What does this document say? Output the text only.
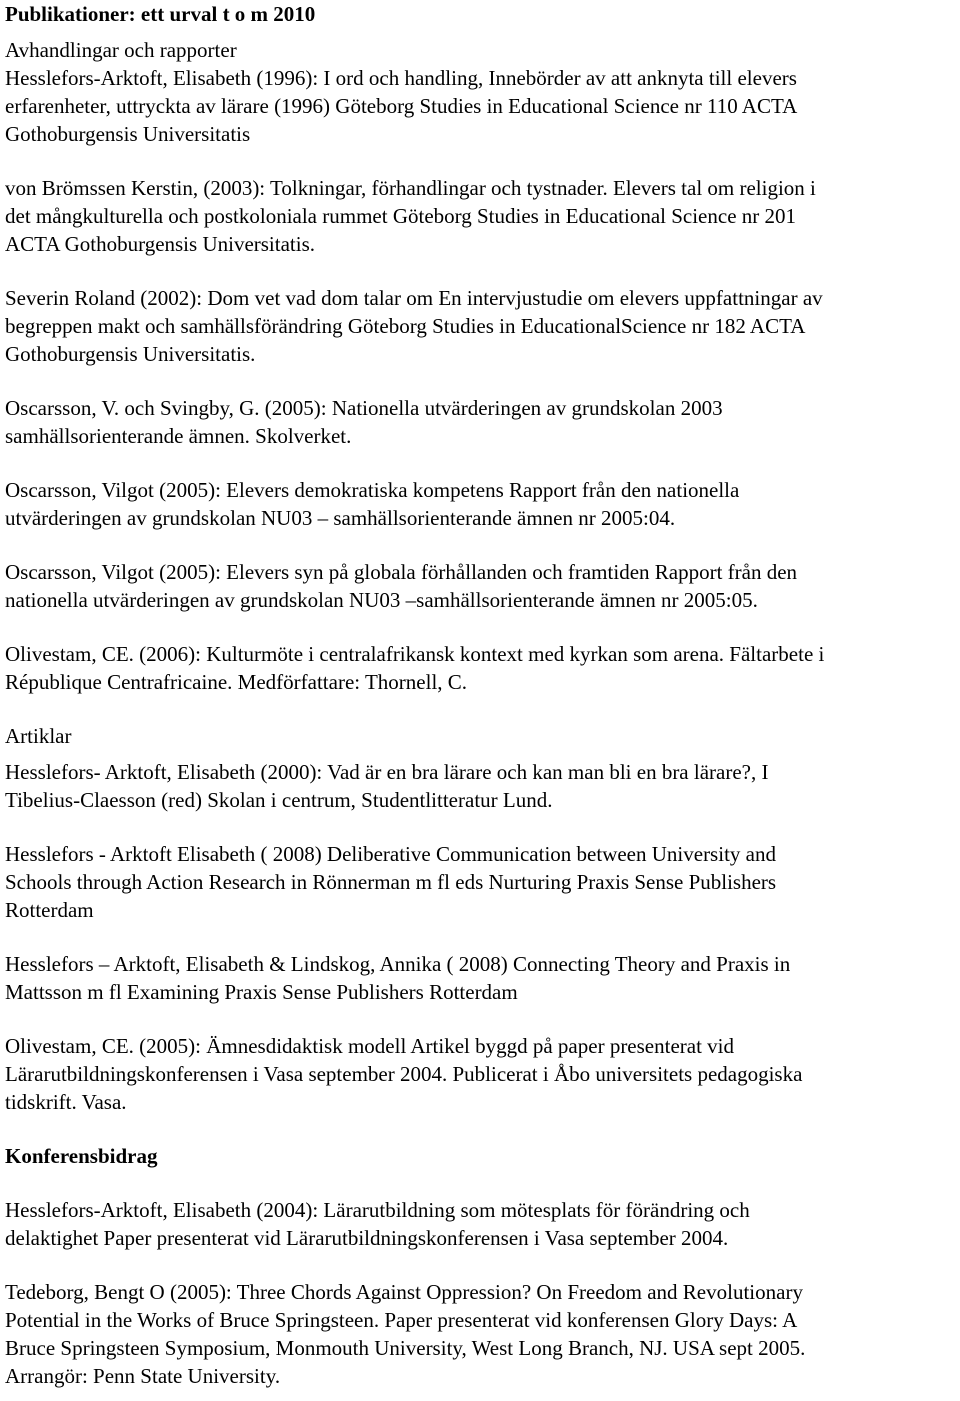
Publikationer: ett urval t o m 2010
Avhandlingar och rapporter

Hesslefors-Arktoft, Elisabeth (1996): I ord och handling, Innebörder av att anknyta till elevers
erfarenheter, uttryckta av lärare (1996) Göteborg Studies in Educational Science nr 110 ACTA
Gothoburgensis Universitatis

von Brömssen Kerstin, (2003): Tolkningar, förhandlingar och tystnader. Elevers tal om religion i
det mångkulturella och postkoloniala rummet Göteborg Studies in Educational Science nr 201
ACTA Gothoburgensis Universitatis.

Severin Roland (2002): Dom vet vad dom talar om En intervjustudie om elevers uppfattningar av
begreppen makt och samhällsförändring Göteborg Studies in EducationalScience nr 182 ACTA
Gothoburgensis Universitatis.

Oscarsson, V. och Svingby, G. (2005): Nationella utvärderingen av grundskolan 2003
samhällsorienterande ämnen. Skolverket.

Oscarsson, Vilgot (2005): Elevers demokratiska kompetens Rapport från den nationella
utvärderingen av grundskolan NU03 – samhällsorienterande ämnen nr 2005:04.

Oscarsson, Vilgot (2005): Elevers syn på globala förhållanden och framtiden Rapport från den
nationella utvärderingen av grundskolan NU03 –samhällsorienterande ämnen nr 2005:05.

Olivestam, CE. (2006): Kulturmöte i centralafrikansk kontext med kyrkan som arena. Fältarbete i
République Centrafricaine. Medförfattare: Thornell, C.

Artiklar

Hesslefors- Arktoft, Elisabeth (2000): Vad är en bra lärare och kan man bli en bra lärare?, I
Tibelius-Claesson (red) Skolan i centrum, Studentlitteratur Lund.

Hesslefors - Arktoft Elisabeth ( 2008) Deliberative Communication between University and
Schools through Action Research in Rönnerman m fl eds Nurturing Praxis Sense Publishers
Rotterdam

Hesslefors – Arktoft, Elisabeth & Lindskog, Annika ( 2008) Connecting Theory and Praxis in
Mattsson m fl Examining Praxis Sense Publishers Rotterdam

Olivestam, CE. (2005): Ämnesdidaktisk modell Artikel byggd på paper presenterat vid
Lärarutbildningskonferensen i Vasa september 2004. Publicerat i Åbo universitets pedagogiska
tidskrift. Vasa.

Konferensbidrag

Hesslefors-Arktoft, Elisabeth (2004): Lärarutbildning som mötesplats för förändring och
delaktighet Paper presenterat vid Lärarutbildningskonferensen i Vasa september 2004.

Tedeborg, Bengt O (2005): Three Chords Against Oppression? On Freedom and Revolutionary
Potential in the Works of Bruce Springsteen. Paper presenterat vid konferensen Glory Days: A
Bruce Springsteen Symposium, Monmouth University, West Long Branch, NJ. USA sept 2005.
Arrangör: Penn State University.
